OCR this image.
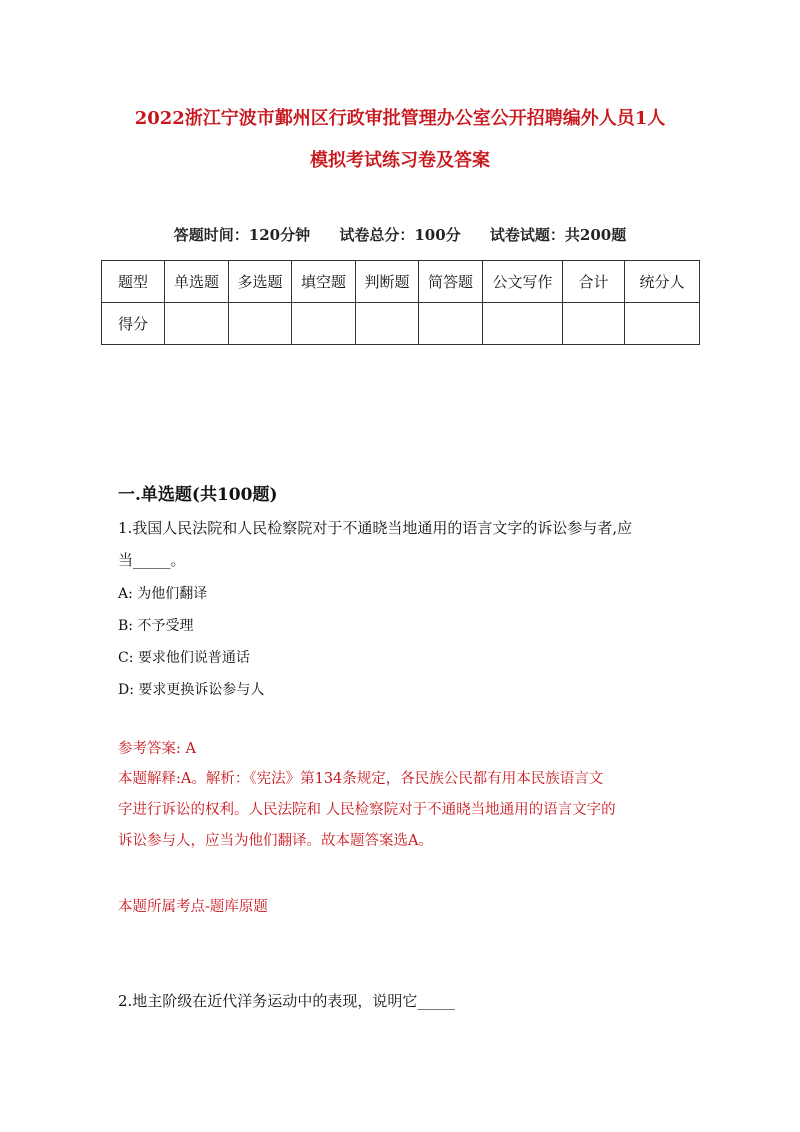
2022浙江宁波市鄞州区行政审批管理办公室公开招聘编外人员1人
模拟考试练习卷及答案
答题时间：120分钟 试卷总分：100分 试卷试题：共200题
题型	单选题	多选题	填空题	判断题	简答题	公文写作	合计	统分人
得分								
一.单选题(共100题)
1.我国人民法院和人民检察院对于不通晓当地通用的语言文字的诉讼参与者,应
当_____。
A: 为他们翻译
B: 不予受理
C: 要求他们说普通话
D: 要求更换诉讼参与人
参考答案: A
本题解释:A。解析：《宪法》第134条规定，各民族公民都有用本民族语言文
字进行诉讼的权利。人民法院和 人民检察院对于不通晓当地通用的语言文字的
诉讼参与人，应当为他们翻译。故本题答案选A。
本题所属考点-题库原题
2.地主阶级在近代洋务运动中的表现，说明它_____
